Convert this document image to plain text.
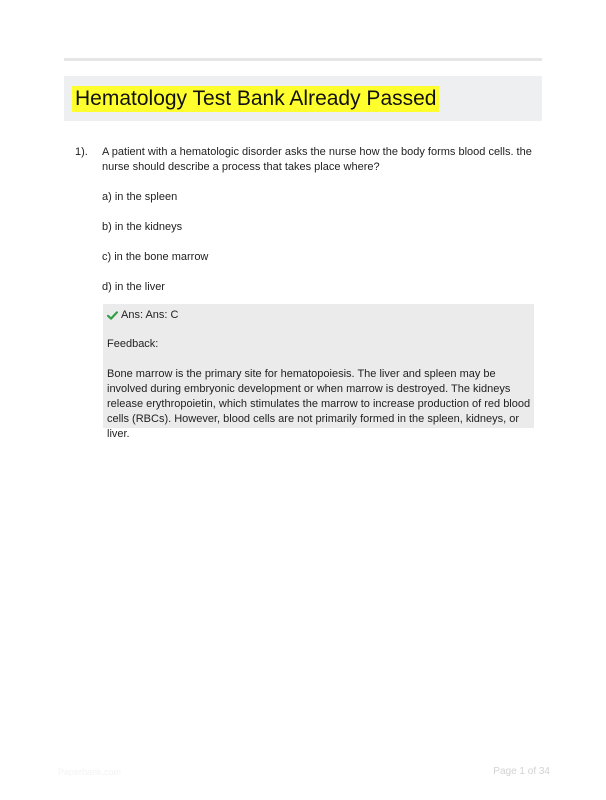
Hematology Test Bank Already Passed
1). A patient with a hematologic disorder asks the nurse how the body forms blood cells. the nurse should describe a process that takes place where?
a) in the spleen
b) in the kidneys
c) in the bone marrow
d) in the liver
Ans: Ans: C
Feedback:
Bone marrow is the primary site for hematopoiesis. The liver and spleen may be involved during embryonic development or when marrow is destroyed. The kidneys release erythropoietin, which stimulates the marrow to increase production of red blood cells (RBCs). However, blood cells are not primarily formed in the spleen, kidneys, or liver.
Paperbank.com	Page 1 of 34
